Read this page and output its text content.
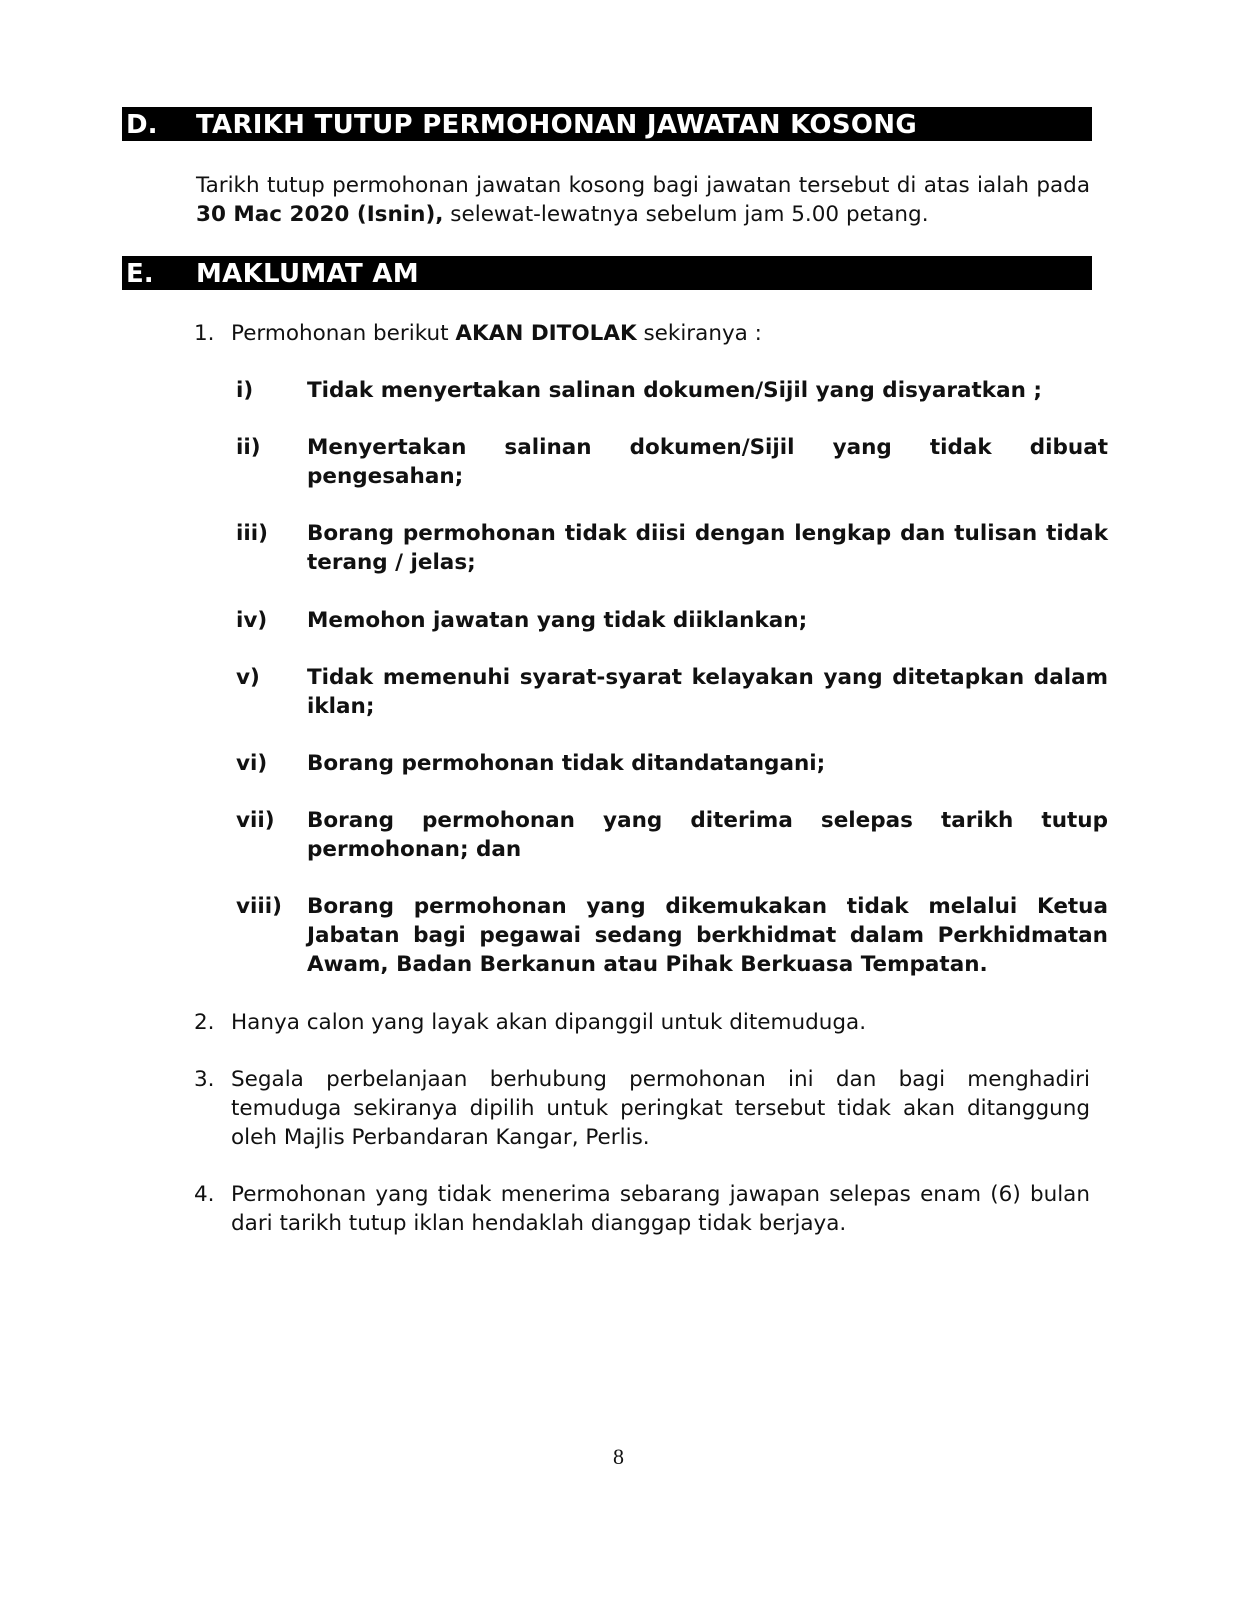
D. TARIKH TUTUP PERMOHONAN JAWATAN KOSONG

Tarikh tutup permohonan jawatan kosong bagi jawatan tersebut di atas ialah pada 30 Mac 2020 (Isnin), selewat-lewatnya sebelum jam 5.00 petang.

E. MAKLUMAT AM
1. Permohonan berikut AKAN DITOLAK sekiranya :
i)	Tidak menyertakan salinan dokumen/Sijil yang disyaratkan ;
ii) Menyertakan salinan dokumen/Sijil yang tidak dibuat pengesahan;
iii) Borang permohonan tidak diisi dengan lengkap dan tulisan tidak terang / jelas;
iv) Memohon jawatan yang tidak diiklankan;
v) Tidak memenuhi syarat-syarat kelayakan yang ditetapkan dalam iklan;
vi) Borang permohonan tidak ditandatangani;
vii) Borang permohonan yang diterima selepas tarikh tutup permohonan; dan
viii) Borang permohonan yang dikemukakan tidak melalui Ketua Jabatan bagi pegawai sedang berkhidmat dalam Perkhidmatan Awam, Badan Berkanun atau Pihak Berkuasa Tempatan.
2. Hanya calon yang layak akan dipanggil untuk ditemuduga.
3. Segala perbelanjaan berhubung permohonan ini dan bagi menghadiri temuduga sekiranya dipilih untuk peringkat tersebut tidak akan ditanggung oleh Majlis Perbandaran Kangar, Perlis.
4. Permohonan yang tidak menerima sebarang jawapan selepas enam (6) bulan dari tarikh tutup iklan hendaklah dianggap tidak berjaya.
8
